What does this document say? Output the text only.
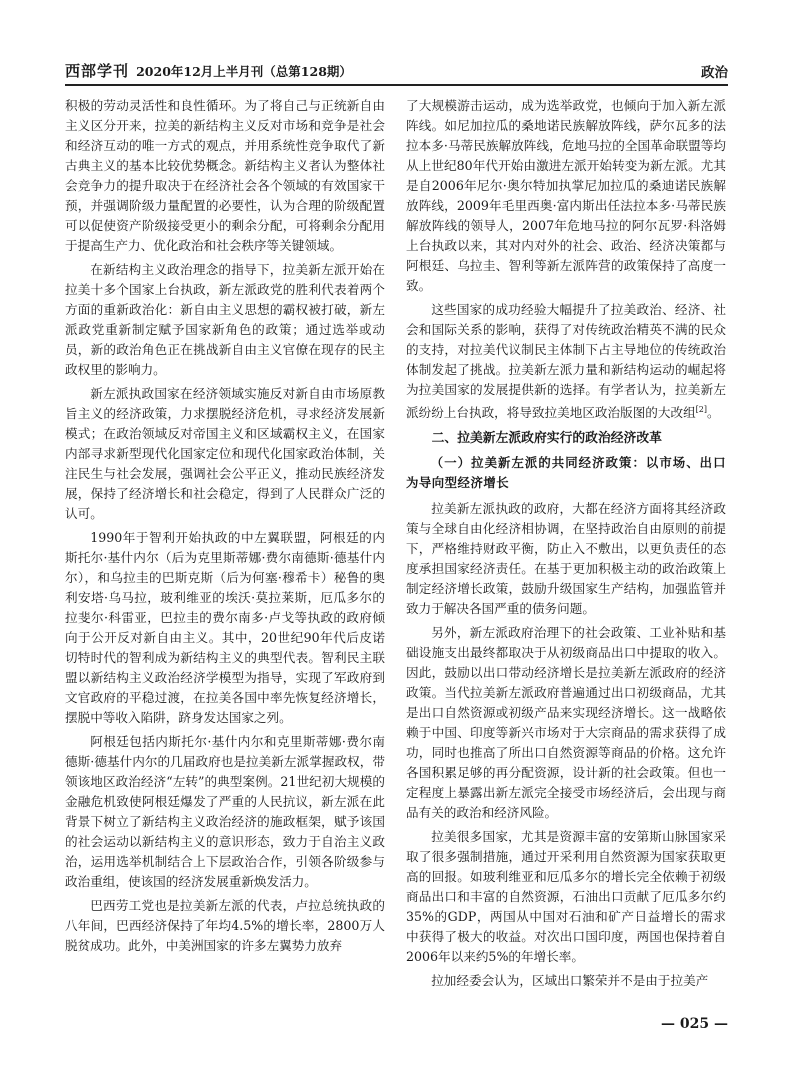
西部学刊 2020年12月上半月刊（总第128期）	政治

积极的劳动灵活性和良性循环。为了将自己与正统新自由主义区分开来，拉美的新结构主义反对市场和竞争是社会和经济互动的唯一方式的观点，并用系统性竞争取代了新古典主义的基本比较优势概念。新结构主义者认为整体社会竞争力的提升取决于在经济社会各个领域的有效国家干预，并强调阶级力量配置的必要性，认为合理的阶级配置可以促使资产阶级接受更小的剩余分配，可将剩余分配用于提高生产力、优化政治和社会秩序等关键领域。

在新结构主义政治理念的指导下，拉美新左派开始在拉美十多个国家上台执政，新左派政党的胜利代表着两个方面的重新政治化：新自由主义思想的霸权被打破，新左派政党重新制定赋予国家新角色的政策；通过选举或动员，新的政治角色正在挑战新自由主义官僚在现存的民主政权里的影响力。

新左派执政国家在经济领域实施反对新自由市场原教旨主义的经济政策，力求摆脱经济危机，寻求经济发展新模式；在政治领域反对帝国主义和区域霸权主义，在国家内部寻求新型现代化国家定位和现代化国家政治体制，关注民生与社会发展，强调社会公平正义，推动民族经济发展，保持了经济增长和社会稳定，得到了人民群众广泛的认可。

1990年于智利开始执政的中左翼联盟，阿根廷的内斯托尔·基什内尔（后为克里斯蒂娜·费尔南德斯·德基什内尔），和乌拉圭的巴斯克斯（后为何塞·穆希卡）秘鲁的奥利安塔·乌马拉，玻利维亚的埃沃·莫拉莱斯，厄瓜多尔的拉斐尔·科雷亚，巴拉圭的费尔南多·卢戈等执政的政府倾向于公开反对新自由主义。其中，20世纪90年代后皮诺切特时代的智利成为新结构主义的典型代表。智利民主联盟以新结构主义政治经济学模型为指导，实现了军政府到文官政府的平稳过渡，在拉美各国中率先恢复经济增长，摆脱中等收入陷阱，跻身发达国家之列。

阿根廷包括内斯托尔·基什内尔和克里斯蒂娜·费尔南德斯·德基什内尔的几届政府也是拉美新左派掌握政权，带领该地区政治经济“左转”的典型案例。21世纪初大规模的金融危机致使阿根廷爆发了严重的人民抗议，新左派在此背景下树立了新结构主义政治经济的施政框架，赋予该国的社会运动以新结构主义的意识形态，致力于自治主义政治，运用选举机制结合上下层政治合作，引领各阶级参与政治重组，使该国的经济发展重新焕发活力。

巴西劳工党也是拉美新左派的代表，卢拉总统执政的八年间，巴西经济保持了年均4.5%的增长率，2800万人脱贫成功。此外，中美洲国家的许多左翼势力放弃

了大规模游击运动，成为选举政党，也倾向于加入新左派阵线。如尼加拉瓜的桑地诺民族解放阵线，萨尔瓦多的法拉本多·马蒂民族解放阵线，危地马拉的全国革命联盟等均从上世纪80年代开始由激进左派开始转变为新左派。尤其是自2006年尼尔·奥尔特加执掌尼加拉瓜的桑迪诺民族解放阵线，2009年毛里西奥·富内斯出任法拉本多·马蒂民族解放阵线的领导人，2007年危地马拉的阿尔瓦罗·科洛姆上台执政以来，其对内对外的社会、政治、经济决策都与阿根廷、乌拉圭、智利等新左派阵营的政策保持了高度一致。

这些国家的成功经验大幅提升了拉美政治、经济、社会和国际关系的影响，获得了对传统政治精英不满的民众的支持，对拉美代议制民主体制下占主导地位的传统政治体制发起了挑战。拉美新左派力量和新结构运动的崛起将为拉美国家的发展提供新的选择。有学者认为，拉美新左派纷纷上台执政，将导致拉美地区政治版图的大改组[2]。

二、拉美新左派政府实行的政治经济改革
（一）拉美新左派的共同经济政策：以市场、出口为导向型经济增长

拉美新左派执政的政府，大都在经济方面将其经济政策与全球自由化经济相协调，在坚持政治自由原则的前提下，严格维持财政平衡，防止入不敷出，以更负责任的态度承担国家经济责任。在基于更加积极主动的政治政策上制定经济增长政策，鼓励升级国家生产结构，加强监管并致力于解决各国严重的债务问题。

另外，新左派政府治理下的社会政策、工业补贴和基础设施支出最终都取决于从初级商品出口中提取的收入。因此，鼓励以出口带动经济增长是拉美新左派政府的经济政策。当代拉美新左派政府普遍通过出口初级商品，尤其是出口自然资源或初级产品来实现经济增长。这一战略依赖于中国、印度等新兴市场对于大宗商品的需求获得了成功，同时也推高了所出口自然资源等商品的价格。这允许各国积累足够的再分配资源，设计新的社会政策。但也一定程度上暴露出新左派完全接受市场经济后，会出现与商品有关的政治和经济风险。

拉美很多国家，尤其是资源丰富的安第斯山脉国家采取了很多强制措施，通过开采利用自然资源为国家获取更高的回报。如玻利维亚和厄瓜多尔的增长完全依赖于初级商品出口和丰富的自然资源，石油出口贡献了厄瓜多尔约35%的GDP，两国从中国对石油和矿产日益增长的需求中获得了极大的收益。对次出口国印度，两国也保持着自2006年以来约5%的年增长率。

拉加经委会认为，区域出口繁荣并不是由于拉美产

— 025 —
